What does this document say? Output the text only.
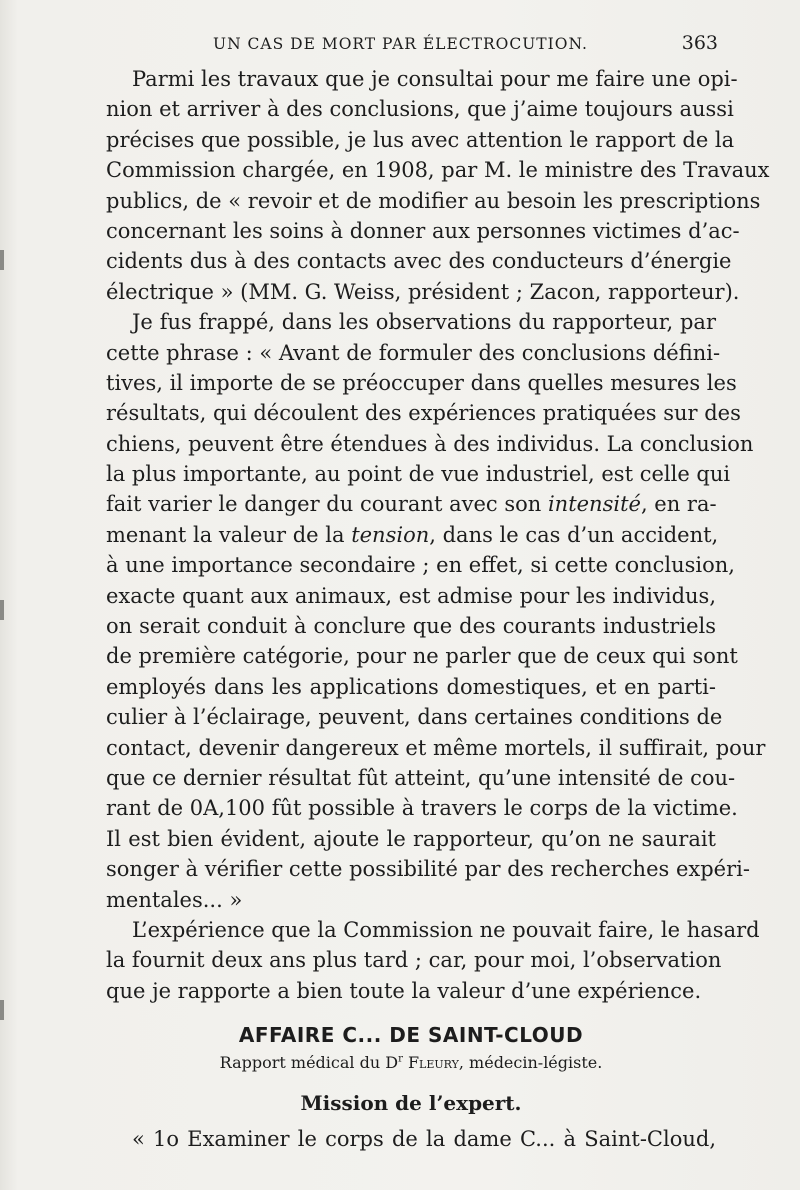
UN CAS DE MORT PAR ÉLECTROCUTION.	363
Parmi les travaux que je consultai pour me faire une opi-
nion et arriver à des conclusions, que j’aime toujours aussi
précises que possible, je lus avec attention le rapport de la
Commission chargée, en 1908, par M. le ministre des Travaux
publics, de « revoir et de modifier au besoin les prescriptions
concernant les soins à donner aux personnes victimes d’ac-
cidents dus à des contacts avec des conducteurs d’énergie
électrique » (MM. G. Weiss, président ; Zacon, rapporteur).
Je fus frappé, dans les observations du rapporteur, par
cette phrase : « Avant de formuler des conclusions défini-
tives, il importe de se préoccuper dans quelles mesures les
résultats, qui découlent des expériences pratiquées sur des
chiens, peuvent être étendues à des individus. La conclusion
la plus importante, au point de vue industriel, est celle qui
fait varier le danger du courant avec son intensité, en ra-
menant la valeur de la tension, dans le cas d’un accident,
à une importance secondaire ; en effet, si cette conclusion,
exacte quant aux animaux, est admise pour les individus,
on serait conduit à conclure que des courants industriels
de première catégorie, pour ne parler que de ceux qui sont
employés dans les applications domestiques, et en parti-
culier à l’éclairage, peuvent, dans certaines conditions de
contact, devenir dangereux et même mortels, il suffirait, pour
que ce dernier résultat fût atteint, qu’une intensité de cou-
rant de 0A,100 fût possible à travers le corps de la victime.
Il est bien évident, ajoute le rapporteur, qu’on ne saurait
songer à vérifier cette possibilité par des recherches expéri-
mentales... »
L’expérience que la Commission ne pouvait faire, le hasard
la fournit deux ans plus tard ; car, pour moi, l’observation
que je rapporte a bien toute la valeur d’une expérience.
AFFAIRE C... DE SAINT-CLOUD
Rapport médical du $D^r$ Fleury, médecin-légiste.
Mission de l’expert.
« 1o Examiner le corps de la dame C... à Saint-Cloud,
